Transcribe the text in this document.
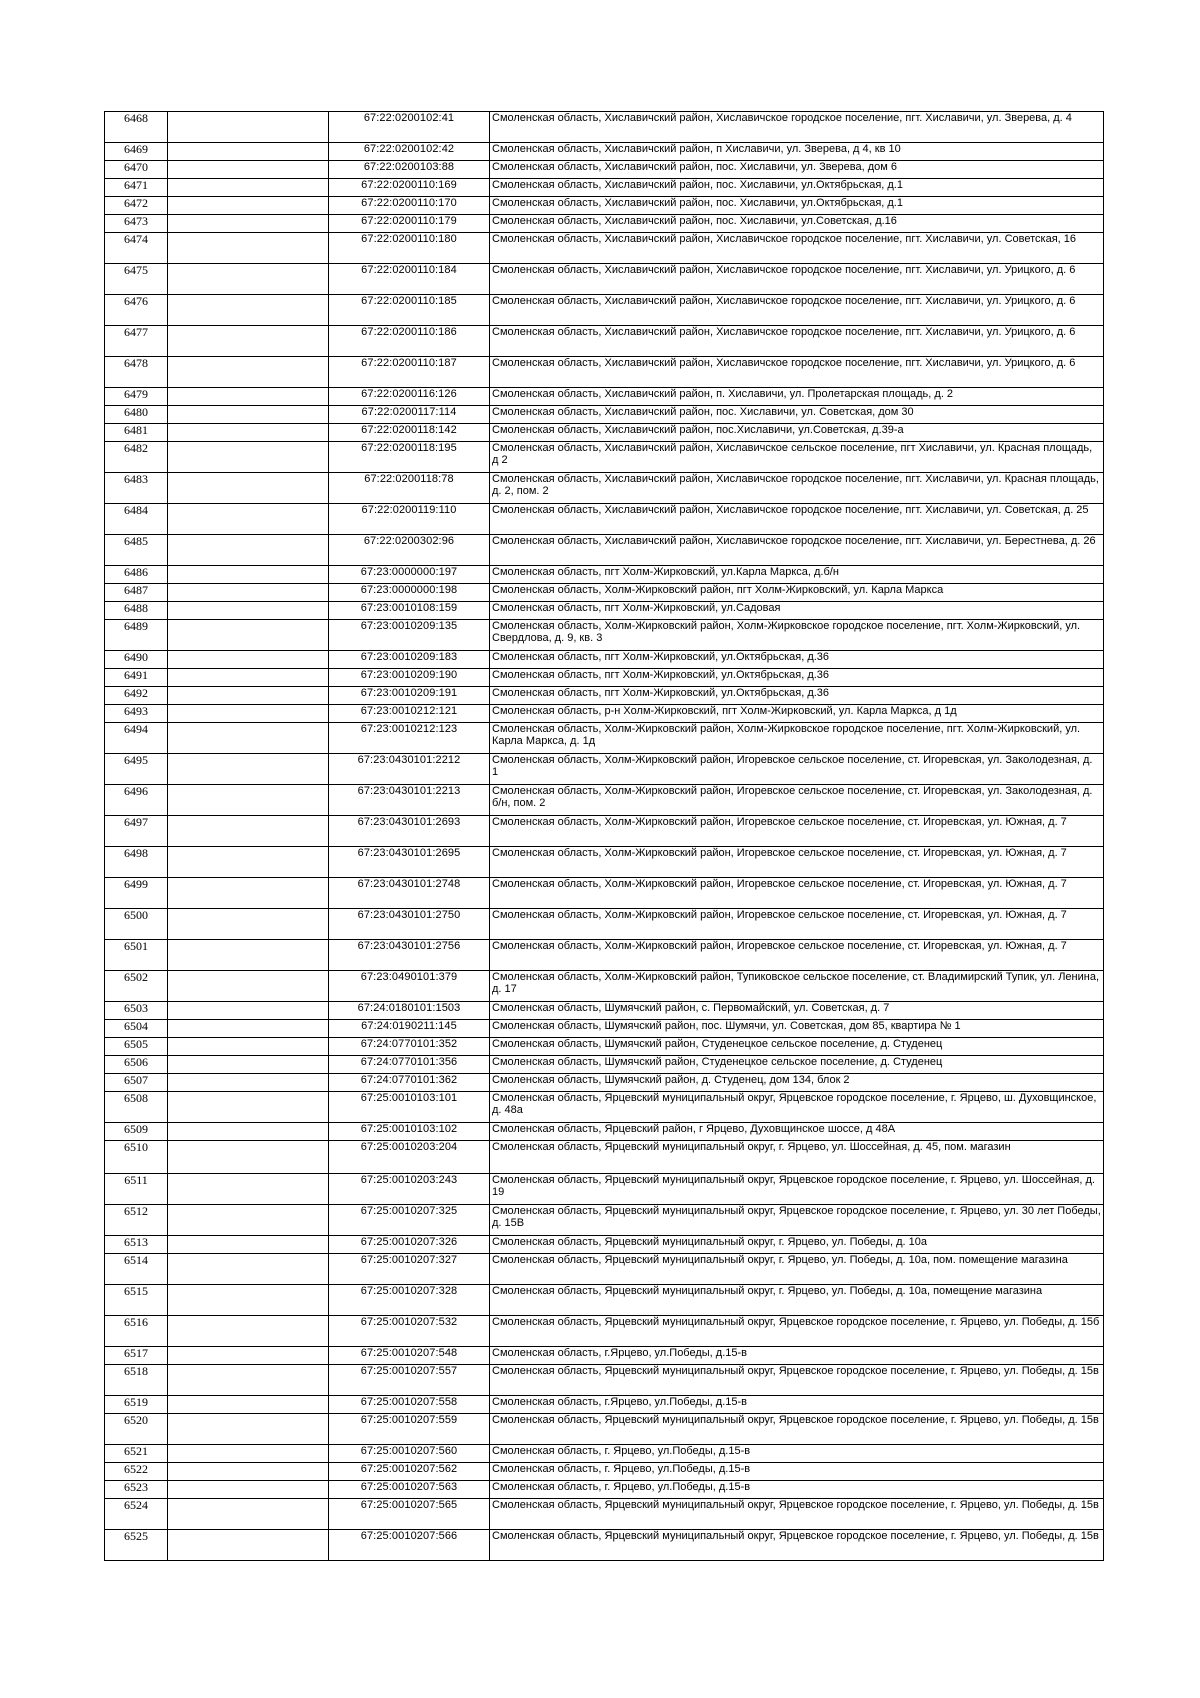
6468		67:22:0200102:41	Смоленская область, Хиславичский район, Хиславичское городское поселение, пгт. Хиславичи, ул. Зверева, д. 4
6469		67:22:0200102:42	Смоленская область, Хиславичский район, п Хиславичи, ул. Зверева, д 4, кв 10
6470		67:22:0200103:88	Смоленская область, Хиславичский район, пос. Хиславичи, ул. Зверева, дом 6
6471		67:22:0200110:169	Смоленская область, Хиславичский район, пос. Хиславичи, ул.Октябрьская, д.1
6472		67:22:0200110:170	Смоленская область, Хиславичский район, пос. Хиславичи, ул.Октябрьская, д.1
6473		67:22:0200110:179	Смоленская область, Хиславичский район, пос. Хиславичи, ул.Советская, д.16
6474		67:22:0200110:180	Смоленская область, Хиславичский район, Хиславичское городское поселение, пгт. Хиславичи, ул. Советская, 16
6475		67:22:0200110:184	Смоленская область, Хиславичский район, Хиславичское городское поселение, пгт. Хиславичи, ул. Урицкого, д. 6
6476		67:22:0200110:185	Смоленская область, Хиславичский район, Хиславичское городское поселение, пгт. Хиславичи, ул. Урицкого, д. 6
6477		67:22:0200110:186	Смоленская область, Хиславичский район, Хиславичское городское поселение, пгт. Хиславичи, ул. Урицкого, д. 6
6478		67:22:0200110:187	Смоленская область, Хиславичский район, Хиславичское городское поселение, пгт. Хиславичи, ул. Урицкого, д. 6
6479		67:22:0200116:126	Смоленская область, Хиславичский район, п. Хиславичи, ул. Пролетарская площадь, д. 2
6480		67:22:0200117:114	Смоленская область, Хиславичский район, пос. Хиславичи, ул. Советская, дом 30
6481		67:22:0200118:142	Смоленская область, Хиславичский район, пос.Хиславичи, ул.Советская, д.39-а
6482		67:22:0200118:195	Смоленская область, Хиславичский район, Хиславичское сельское поселение, пгт Хиславичи, ул. Красная площадь, д 2
6483		67:22:0200118:78	Смоленская область, Хиславичский район, Хиславичское городское поселение, пгт. Хиславичи, ул. Красная площадь, д. 2, пом. 2
6484		67:22:0200119:110	Смоленская область, Хиславичский район, Хиславичское городское поселение, пгт. Хиславичи, ул. Советская, д. 25
6485		67:22:0200302:96	Смоленская область, Хиславичский район, Хиславичское городское поселение, пгт. Хиславичи, ул. Берестнева, д. 26
6486		67:23:0000000:197	Смоленская область, пгт Холм-Жирковский, ул.Карла Маркса, д.б/н
6487		67:23:0000000:198	Смоленская область, Холм-Жирковский район, пгт Холм-Жирковский, ул. Карла Маркса
6488		67:23:0010108:159	Смоленская область, пгт Холм-Жирковский, ул.Садовая
6489		67:23:0010209:135	Смоленская область, Холм-Жирковский район, Холм-Жирковское городское поселение, пгт. Холм-Жирковский, ул. Свердлова, д. 9, кв. 3
6490		67:23:0010209:183	Смоленская область, пгт Холм-Жирковский, ул.Октябрьская, д.36
6491		67:23:0010209:190	Смоленская область, пгт Холм-Жирковский, ул.Октябрьская, д.36
6492		67:23:0010209:191	Смоленская область, пгт Холм-Жирковский, ул.Октябрьская, д.36
6493		67:23:0010212:121	Смоленская область, р-н Холм-Жирковский, пгт Холм-Жирковский, ул. Карла Маркса, д 1д
6494		67:23:0010212:123	Смоленская область, Холм-Жирковский район, Холм-Жирковское городское поселение, пгт. Холм-Жирковский, ул. Карла Маркса, д. 1д
6495		67:23:0430101:2212	Смоленская область, Холм-Жирковский район, Игоревское сельское поселение, ст. Игоревская, ул. Заколодезная, д. 1
6496		67:23:0430101:2213	Смоленская область, Холм-Жирковский район, Игоревское сельское поселение, ст. Игоревская, ул. Заколодезная, д. б/н, пом. 2
6497		67:23:0430101:2693	Смоленская область, Холм-Жирковский район, Игоревское сельское поселение, ст. Игоревская, ул. Южная, д. 7
6498		67:23:0430101:2695	Смоленская область, Холм-Жирковский район, Игоревское сельское поселение, ст. Игоревская, ул. Южная, д. 7
6499		67:23:0430101:2748	Смоленская область, Холм-Жирковский район, Игоревское сельское поселение, ст. Игоревская, ул. Южная, д. 7
6500		67:23:0430101:2750	Смоленская область, Холм-Жирковский район, Игоревское сельское поселение, ст. Игоревская, ул. Южная, д. 7
6501		67:23:0430101:2756	Смоленская область, Холм-Жирковский район, Игоревское сельское поселение, ст. Игоревская, ул. Южная, д. 7
6502		67:23:0490101:379	Смоленская область, Холм-Жирковский район, Тупиковское сельское поселение, ст. Владимирский Тупик, ул. Ленина, д. 17
6503		67:24:0180101:1503	Смоленская область, Шумячский район, с. Первомайский, ул. Советская, д. 7
6504		67:24:0190211:145	Смоленская область, Шумячский район, пос. Шумячи, ул. Советская, дом 85, квартира № 1
6505		67:24:0770101:352	Смоленская область, Шумячский район, Студенецкое сельское поселение, д. Студенец
6506		67:24:0770101:356	Смоленская область, Шумячский район, Студенецкое сельское поселение, д. Студенец
6507		67:24:0770101:362	Смоленская область, Шумячский район, д. Студенец, дом 134, блок 2
6508		67:25:0010103:101	Смоленская область, Ярцевский муниципальный округ, Ярцевское городское поселение, г. Ярцево, ш. Духовщинское, д. 48а
6509		67:25:0010103:102	Смоленская область, Ярцевский район, г Ярцево, Духовщинское шоссе, д 48А
6510		67:25:0010203:204	Смоленская область, Ярцевский муниципальный округ, г. Ярцево, ул. Шоссейная, д. 45, пом. магазин
6511		67:25:0010203:243	Смоленская область, Ярцевский муниципальный округ, Ярцевское городское поселение, г. Ярцево, ул. Шоссейная, д. 19
6512		67:25:0010207:325	Смоленская область, Ярцевский муниципальный округ, Ярцевское городское поселение, г. Ярцево, ул. 30 лет Победы, д. 15В
6513		67:25:0010207:326	Смоленская область, Ярцевский муниципальный округ, г. Ярцево, ул. Победы, д. 10а
6514		67:25:0010207:327	Смоленская область, Ярцевский муниципальный округ, г. Ярцево, ул. Победы, д. 10а, пом. помещение магазина
6515		67:25:0010207:328	Смоленская область, Ярцевский муниципальный округ, г. Ярцево, ул. Победы, д. 10а, помещение магазина
6516		67:25:0010207:532	Смоленская область, Ярцевский муниципальный округ, Ярцевское городское поселение, г. Ярцево, ул. Победы, д. 15б
6517		67:25:0010207:548	Смоленская область, г.Ярцево, ул.Победы, д.15-в
6518		67:25:0010207:557	Смоленская область, Ярцевский муниципальный округ, Ярцевское городское поселение, г. Ярцево, ул. Победы, д. 15в
6519		67:25:0010207:558	Смоленская область, г.Ярцево, ул.Победы, д.15-в
6520		67:25:0010207:559	Смоленская область, Ярцевский муниципальный округ, Ярцевское городское поселение, г. Ярцево, ул. Победы, д. 15в
6521		67:25:0010207:560	Смоленская область, г. Ярцево, ул.Победы, д.15-в
6522		67:25:0010207:562	Смоленская область, г. Ярцево, ул.Победы, д.15-в
6523		67:25:0010207:563	Смоленская область, г. Ярцево, ул.Победы, д.15-в
6524		67:25:0010207:565	Смоленская область, Ярцевский муниципальный округ, Ярцевское городское поселение, г. Ярцево, ул. Победы, д. 15в
6525		67:25:0010207:566	Смоленская область, Ярцевский муниципальный округ, Ярцевское городское поселение, г. Ярцево, ул. Победы, д. 15в
